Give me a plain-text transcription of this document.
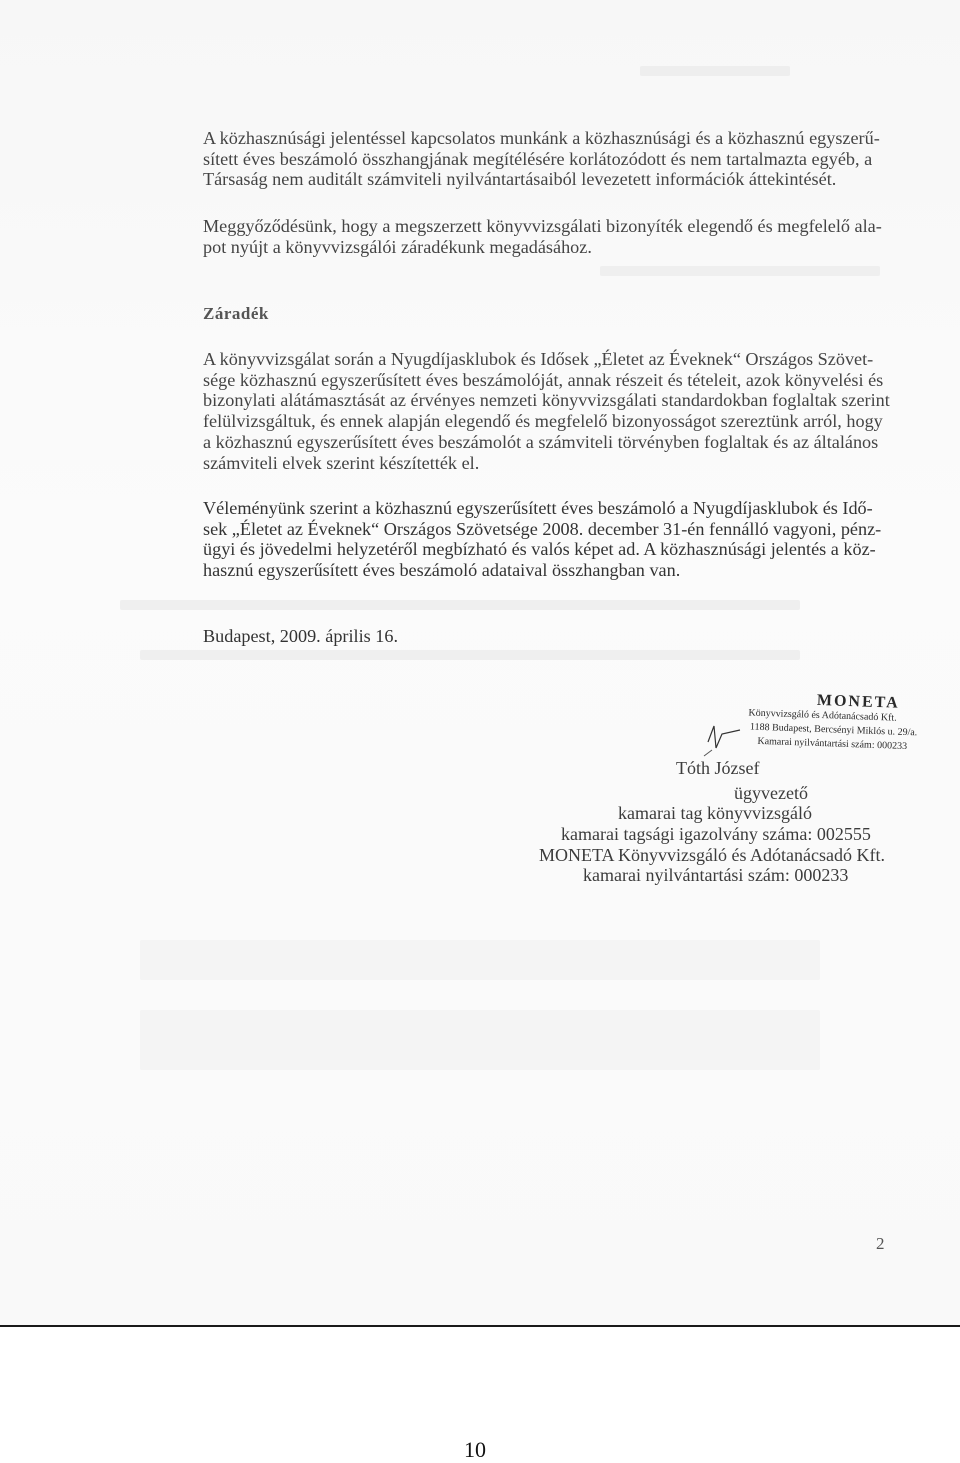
A közhasznúsági jelentéssel kapcsolatos munkánk a közhasznúsági és a közhasznú egyszerű-
sített éves beszámoló összhangjának megítélésére korlátozódott és nem tartalmazta egyéb, a
Társaság nem auditált számviteli nyilvántartásaiból levezetett információk áttekintését.
Meggyőződésünk, hogy a megszerzett könyvvizsgálati bizonyíték elegendő és megfelelő ala-
pot nyújt a könyvvizsgálói záradékunk megadásához.
Záradék
A könyvvizsgálat során a Nyugdíjasklubok és Idősek „Életet az Éveknek“ Országos Szövet-
sége közhasznú egyszerűsített éves beszámolóját, annak részeit és tételeit, azok könyvelési és
bizonylati alátámasztását az érvényes nemzeti könyvvizsgálati standardokban foglaltak szerint
felülvizsgáltuk, és ennek alapján elegendő és megfelelő bizonyosságot szereztünk arról, hogy
a közhasznú egyszerűsített éves beszámolót a számviteli törvényben foglaltak és az általános
számviteli elvek szerint készítették el.
Véleményünk szerint a közhasznú egyszerűsített éves beszámoló a Nyugdíjasklubok és Idő-
sek „Életet az Éveknek“ Országos Szövetsége 2008. december 31-én fennálló vagyoni, pénz-
ügyi és jövedelmi helyzetéről megbízható és valós képet ad. A közhasznúsági jelentés a köz-
hasznú egyszerűsített éves beszámoló adataival összhangban van.
Budapest, 2009. április 16.
MONETA
Könyvvizsgáló és Adótanácsadó Kft.
1188 Budapest, Bercsényi Miklós u. 29/a.
Kamarai nyilvántartási szám: 000233
Tóth József
ügyvezető
kamarai tag könyvvizsgáló
kamarai tagsági igazolvány száma: 002555
MONETA Könyvvizsgáló és Adótanácsadó Kft.
kamarai nyilvántartási szám: 000233
2
10
